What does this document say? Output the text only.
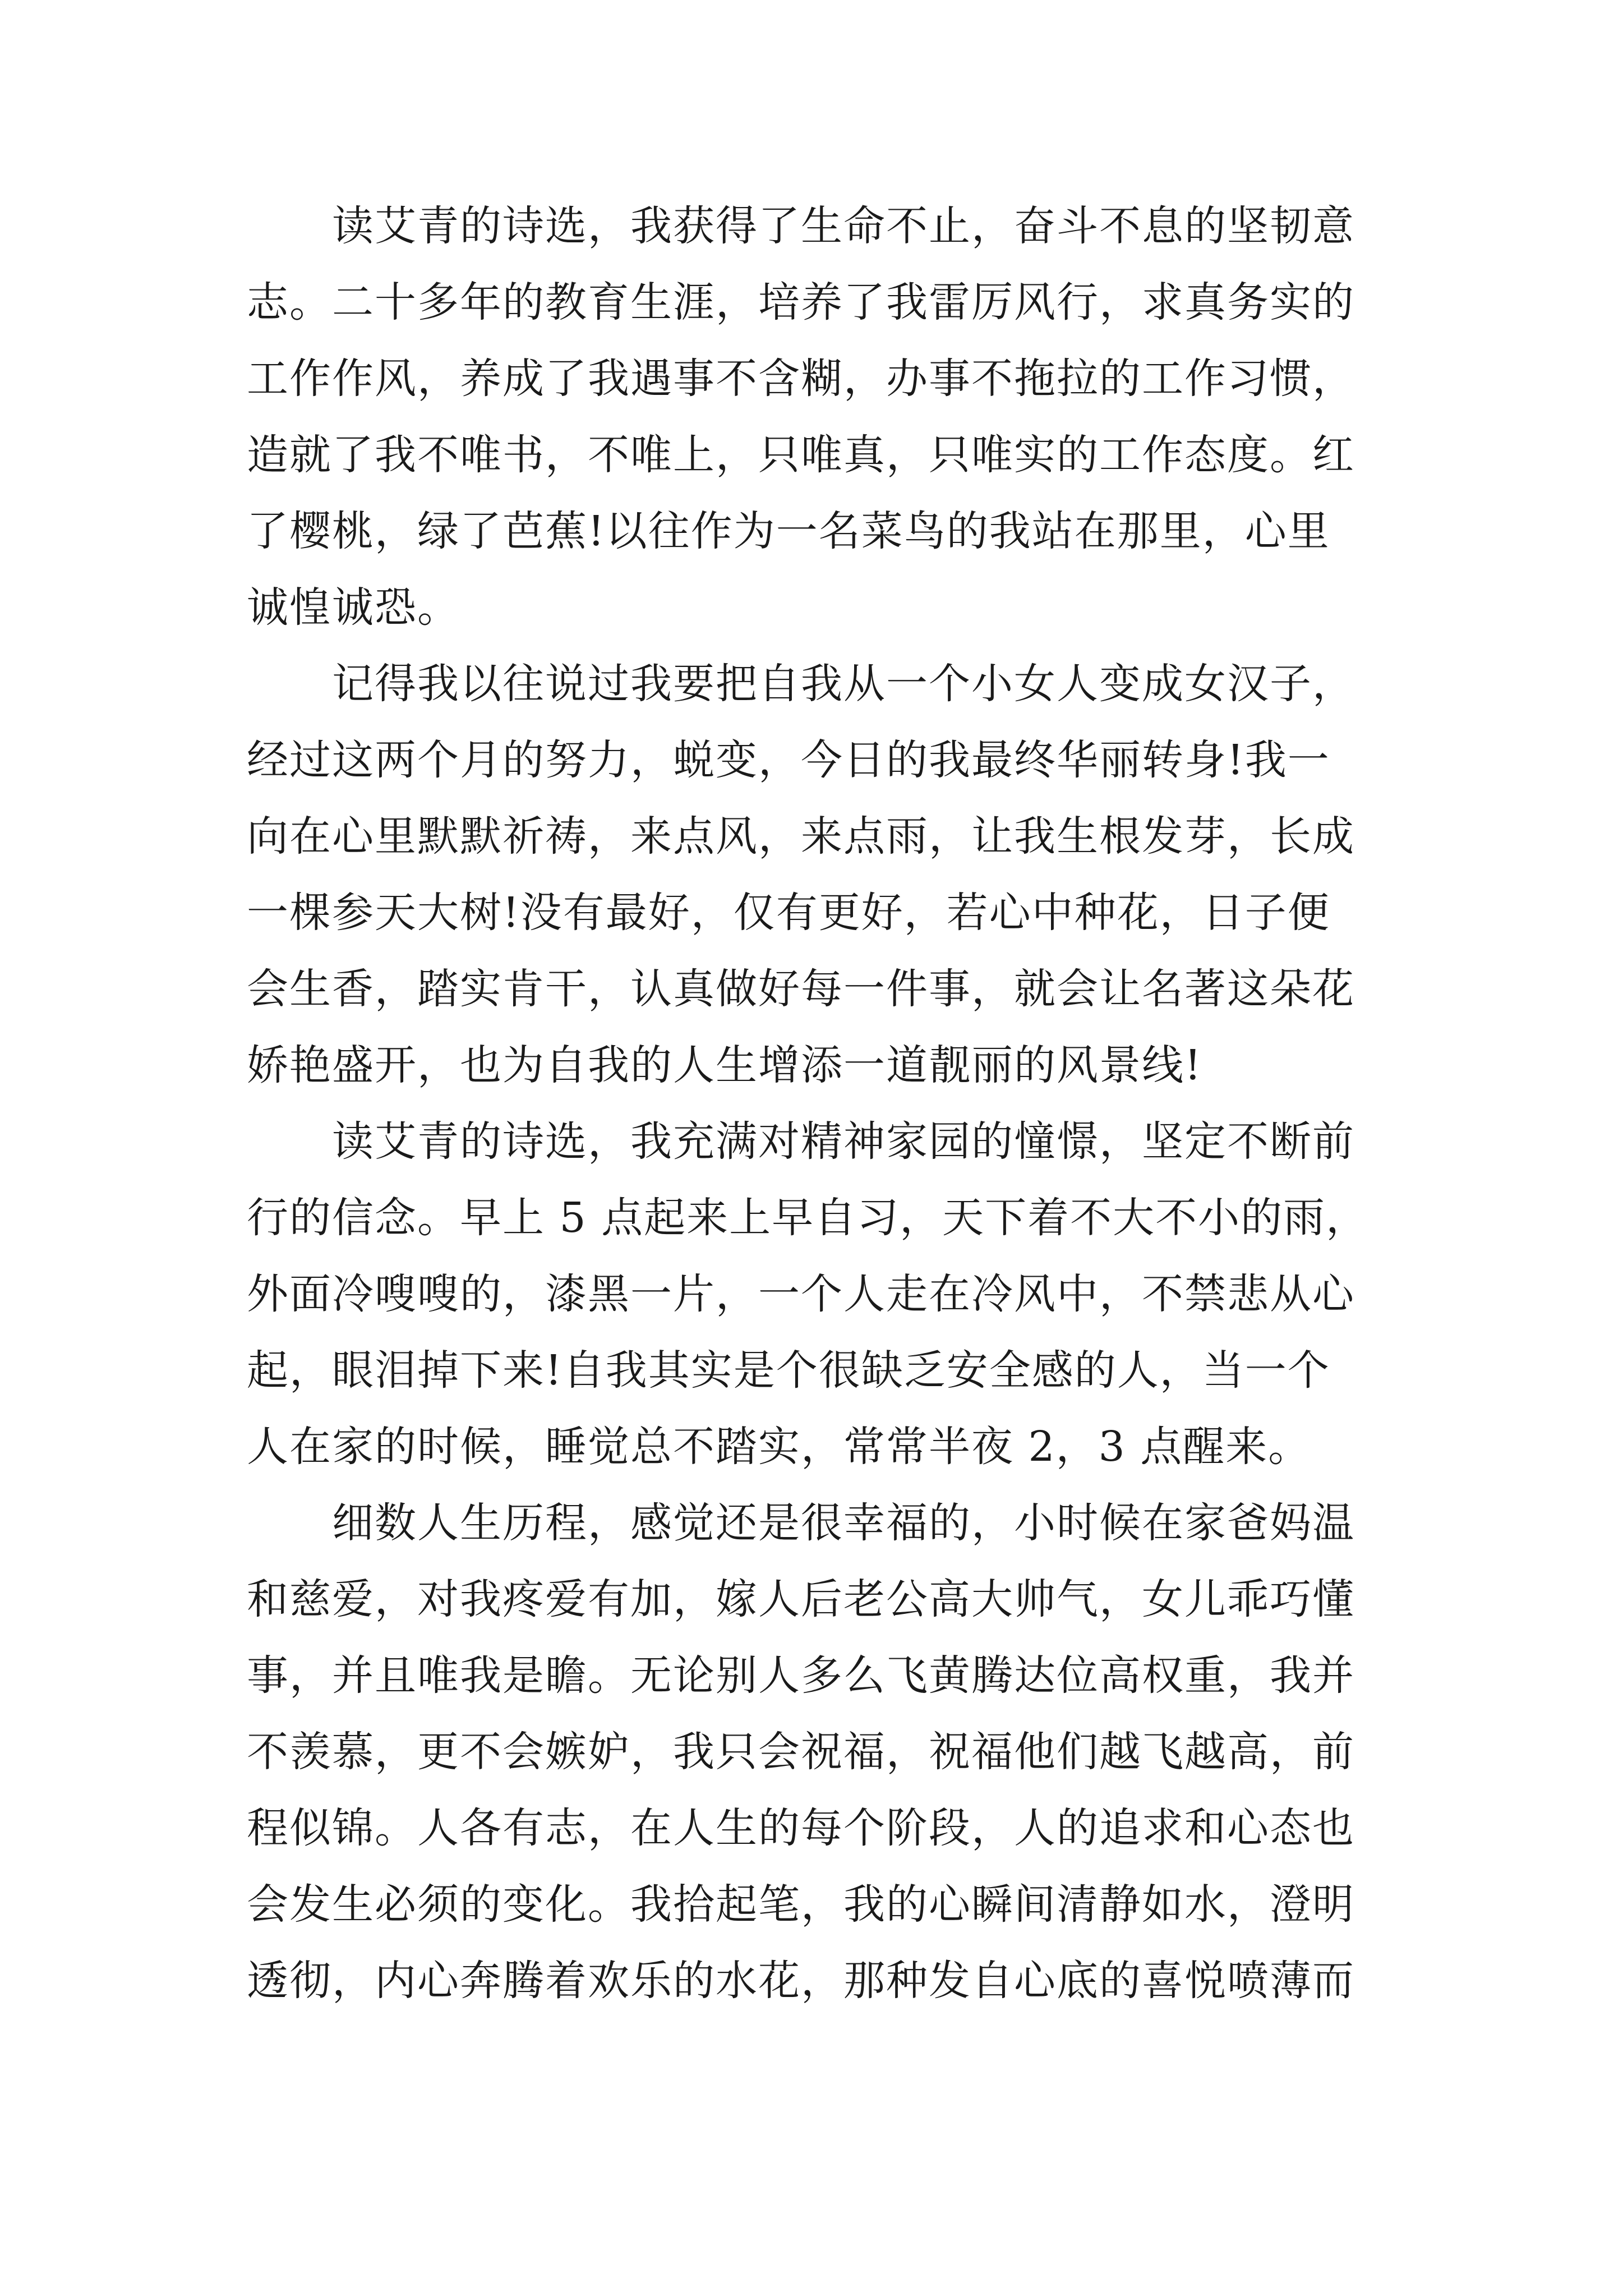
　　读艾青的诗选，我获得了生命不止，奋斗不息的坚韧意
志。二十多年的教育生涯，培养了我雷厉风行，求真务实的
工作作风，养成了我遇事不含糊，办事不拖拉的工作习惯，
造就了我不唯书，不唯上，只唯真，只唯实的工作态度。红
了樱桃，绿了芭蕉!以往作为一名菜鸟的我站在那里，心里
诚惶诚恐。
　　记得我以往说过我要把自我从一个小女人变成女汉子，
经过这两个月的努力，蜕变，今日的我最终华丽转身!我一
向在心里默默祈祷，来点风，来点雨，让我生根发芽，长成
一棵参天大树!没有最好，仅有更好，若心中种花，日子便
会生香，踏实肯干，认真做好每一件事，就会让名著这朵花
娇艳盛开，也为自我的人生增添一道靓丽的风景线!
　　读艾青的诗选，我充满对精神家园的憧憬，坚定不断前
行的信念。早上 5 点起来上早自习，天下着不大不小的雨，
外面冷嗖嗖的，漆黑一片，一个人走在冷风中，不禁悲从心
起，眼泪掉下来!自我其实是个很缺乏安全感的人，当一个
人在家的时候，睡觉总不踏实，常常半夜 2，3 点醒来。
　　细数人生历程，感觉还是很幸福的，小时候在家爸妈温
和慈爱，对我疼爱有加，嫁人后老公高大帅气，女儿乖巧懂
事，并且唯我是瞻。无论别人多么飞黄腾达位高权重，我并
不羡慕，更不会嫉妒，我只会祝福，祝福他们越飞越高，前
程似锦。人各有志，在人生的每个阶段，人的追求和心态也
会发生必须的变化。我拾起笔，我的心瞬间清静如水，澄明
透彻，内心奔腾着欢乐的水花，那种发自心底的喜悦喷薄而
